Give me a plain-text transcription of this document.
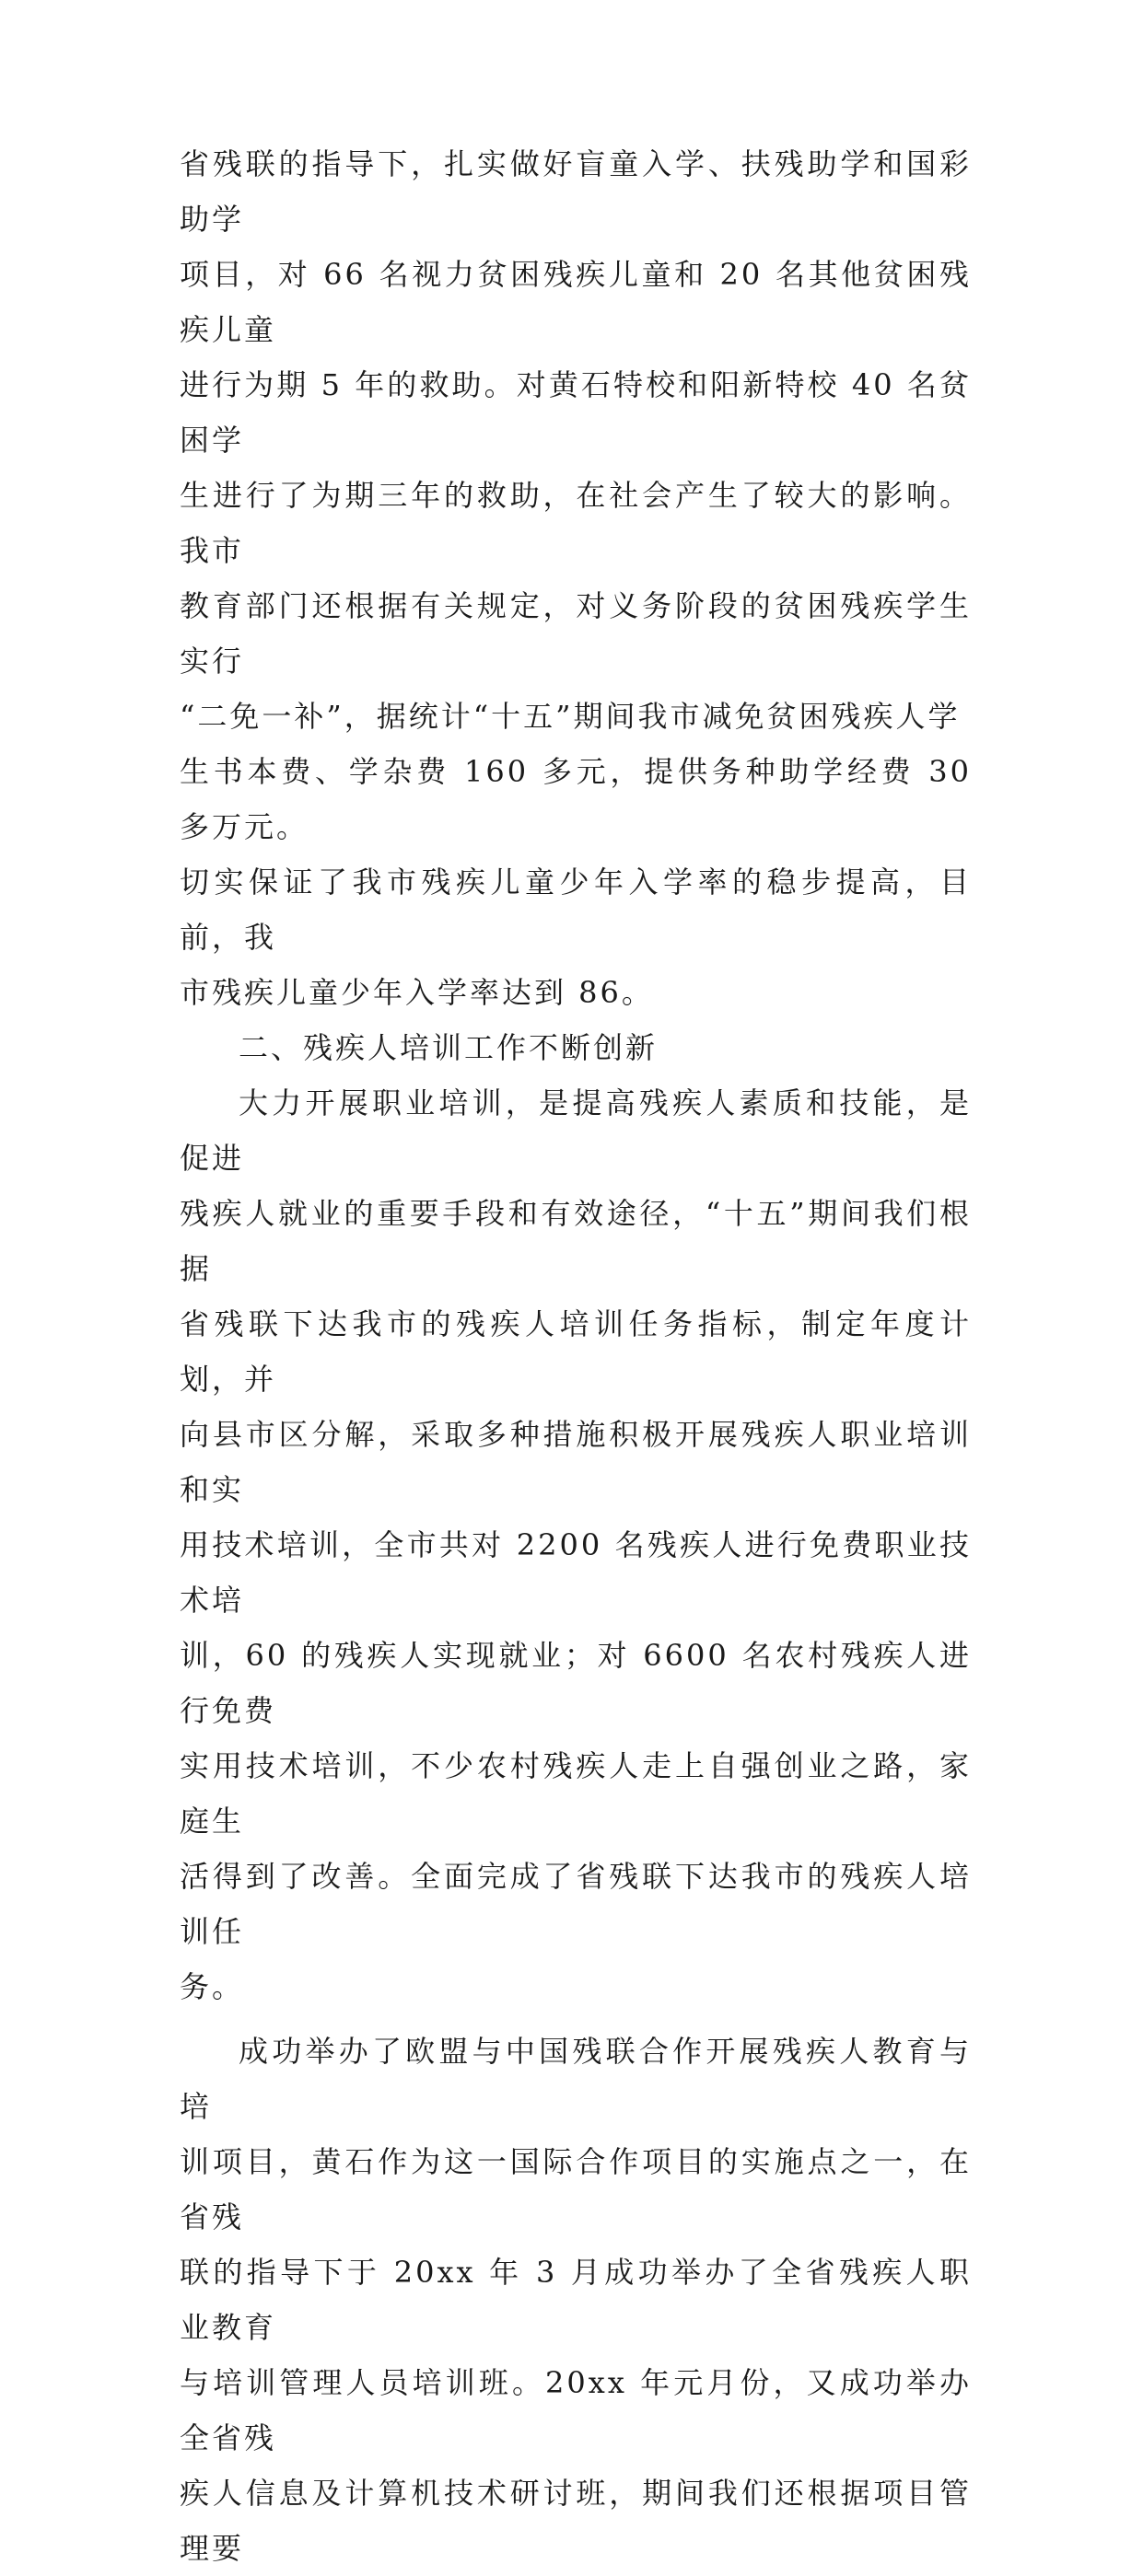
省残联的指导下，扎实做好盲童入学、扶残助学和国彩助学
项目，对 66 名视力贫困残疾儿童和 20 名其他贫困残疾儿童
进行为期 5 年的救助。对黄石特校和阳新特校 40 名贫困学
生进行了为期三年的救助，在社会产生了较大的影响。我市
教育部门还根据有关规定，对义务阶段的贫困残疾学生实行
“二免一补”，据统计“十五”期间我市减免贫困残疾人学
生书本费、学杂费 160 多元，提供务种助学经费 30 多万元。
切实保证了我市残疾儿童少年入学率的稳步提高，目前，我
市残疾儿童少年入学率达到 86。
二、残疾人培训工作不断创新
大力开展职业培训，是提高残疾人素质和技能，是促进
残疾人就业的重要手段和有效途径，“十五”期间我们根据
省残联下达我市的残疾人培训任务指标，制定年度计划，并
向县市区分解，采取多种措施积极开展残疾人职业培训和实
用技术培训，全市共对 2200 名残疾人进行免费职业技术培
训，60 的残疾人实现就业；对 6600 名农村残疾人进行免费
实用技术培训，不少农村残疾人走上自强创业之路，家庭生
活得到了改善。全面完成了省残联下达我市的残疾人培训任
务。
成功举办了欧盟与中国残联合作开展残疾人教育与培
训项目，黄石作为这一国际合作项目的实施点之一，在省残
联的指导下于 20xx 年 3 月成功举办了全省残疾人职业教育
与培训管理人员培训班。20xx 年元月份，又成功举办全省残
疾人信息及计算机技术研讨班，期间我们还根据项目管理要
